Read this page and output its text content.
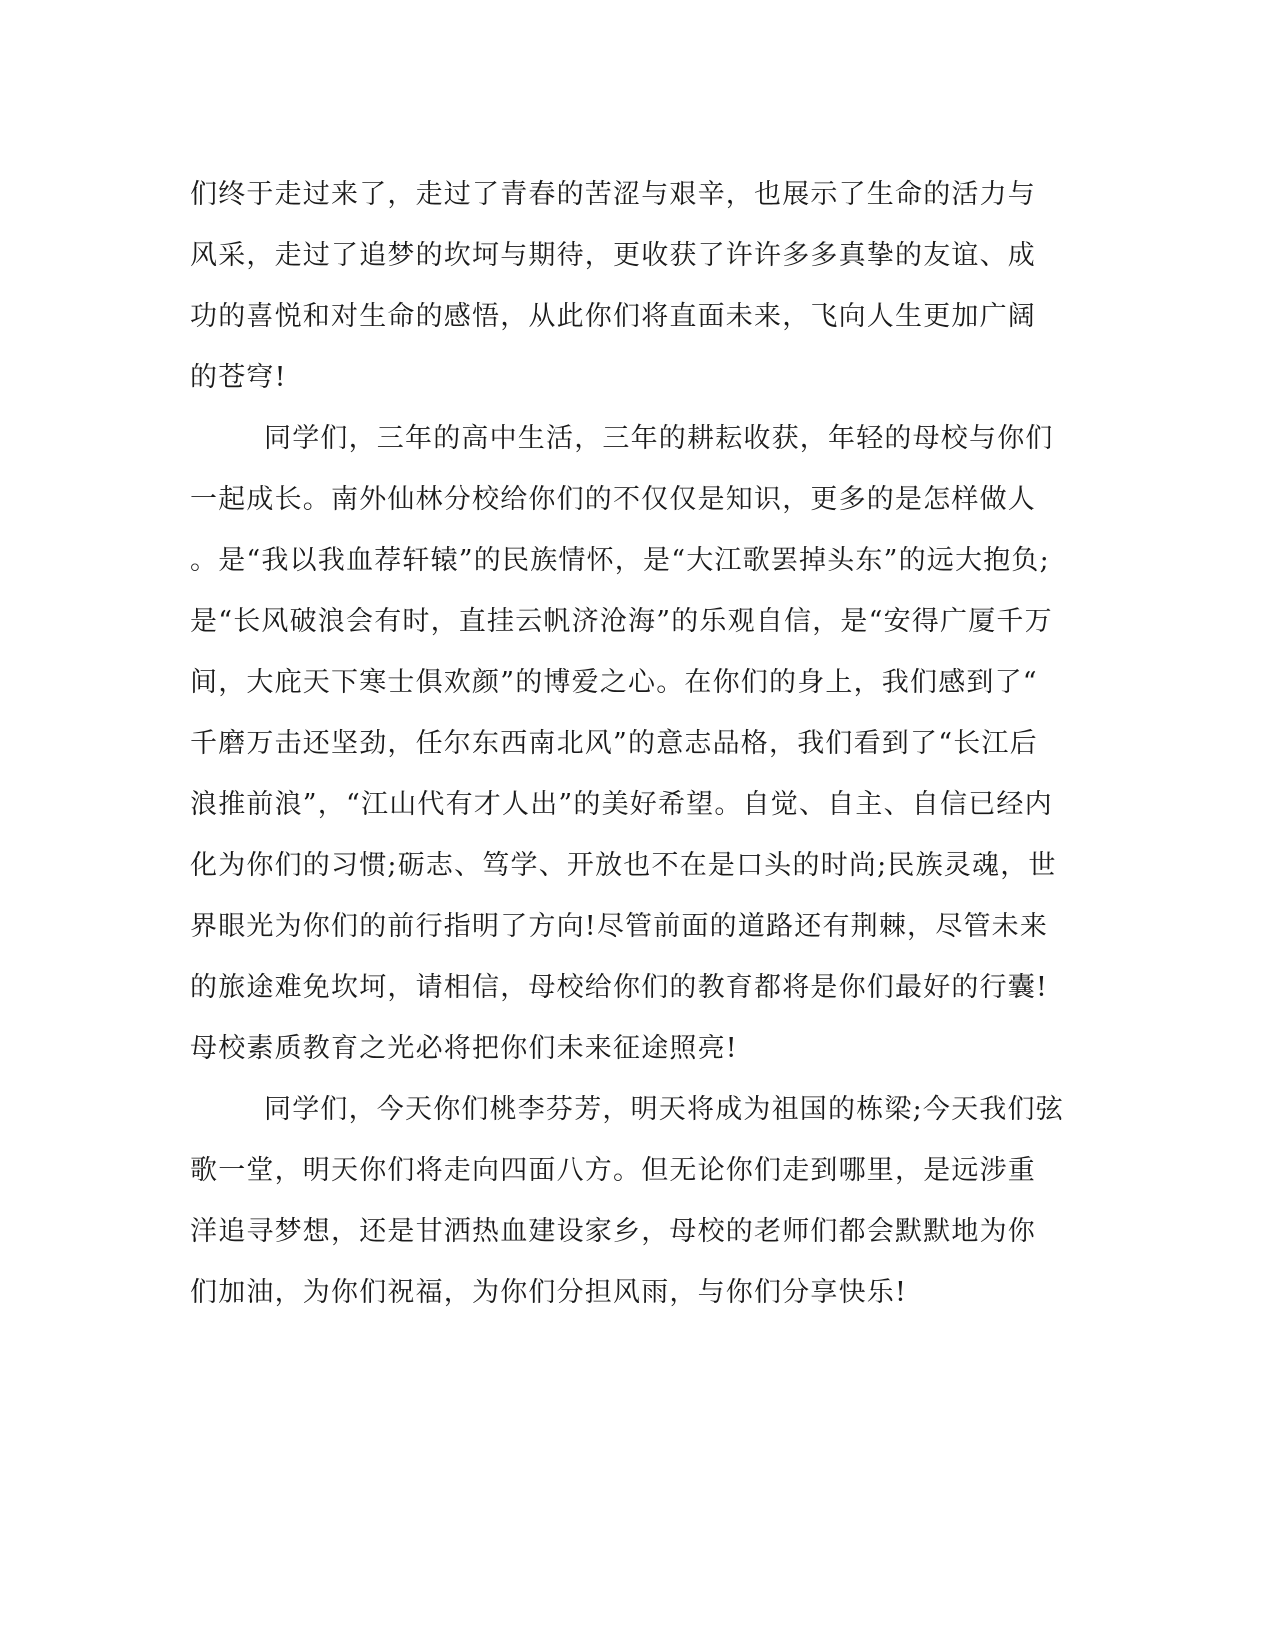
们终于走过来了，走过了青春的苦涩与艰辛，也展示了生命的活力与
风采，走过了追梦的坎坷与期待，更收获了许许多多真挚的友谊、成
功的喜悦和对生命的感悟，从此你们将直面未来，飞向人生更加广阔
的苍穹!
同学们，三年的高中生活，三年的耕耘收获，年轻的母校与你们
一起成长。南外仙林分校给你们的不仅仅是知识，更多的是怎样做人
。是“我以我血荐轩辕”的民族情怀，是“大江歌罢掉头东”的远大抱负;
是“长风破浪会有时，直挂云帆济沧海”的乐观自信，是“安得广厦千万
间，大庇天下寒士俱欢颜”的博爱之心。在你们的身上，我们感到了“
千磨万击还坚劲，任尔东西南北风”的意志品格，我们看到了“长江后
浪推前浪”，“江山代有才人出”的美好希望。自觉、自主、自信已经内
化为你们的习惯;砺志、笃学、开放也不在是口头的时尚;民族灵魂，世
界眼光为你们的前行指明了方向!尽管前面的道路还有荆棘，尽管未来
的旅途难免坎坷，请相信，母校给你们的教育都将是你们最好的行囊!
母校素质教育之光必将把你们未来征途照亮!
同学们，今天你们桃李芬芳，明天将成为祖国的栋梁;今天我们弦
歌一堂，明天你们将走向四面八方。但无论你们走到哪里，是远涉重
洋追寻梦想，还是甘洒热血建设家乡，母校的老师们都会默默地为你
们加油，为你们祝福，为你们分担风雨，与你们分享快乐!
